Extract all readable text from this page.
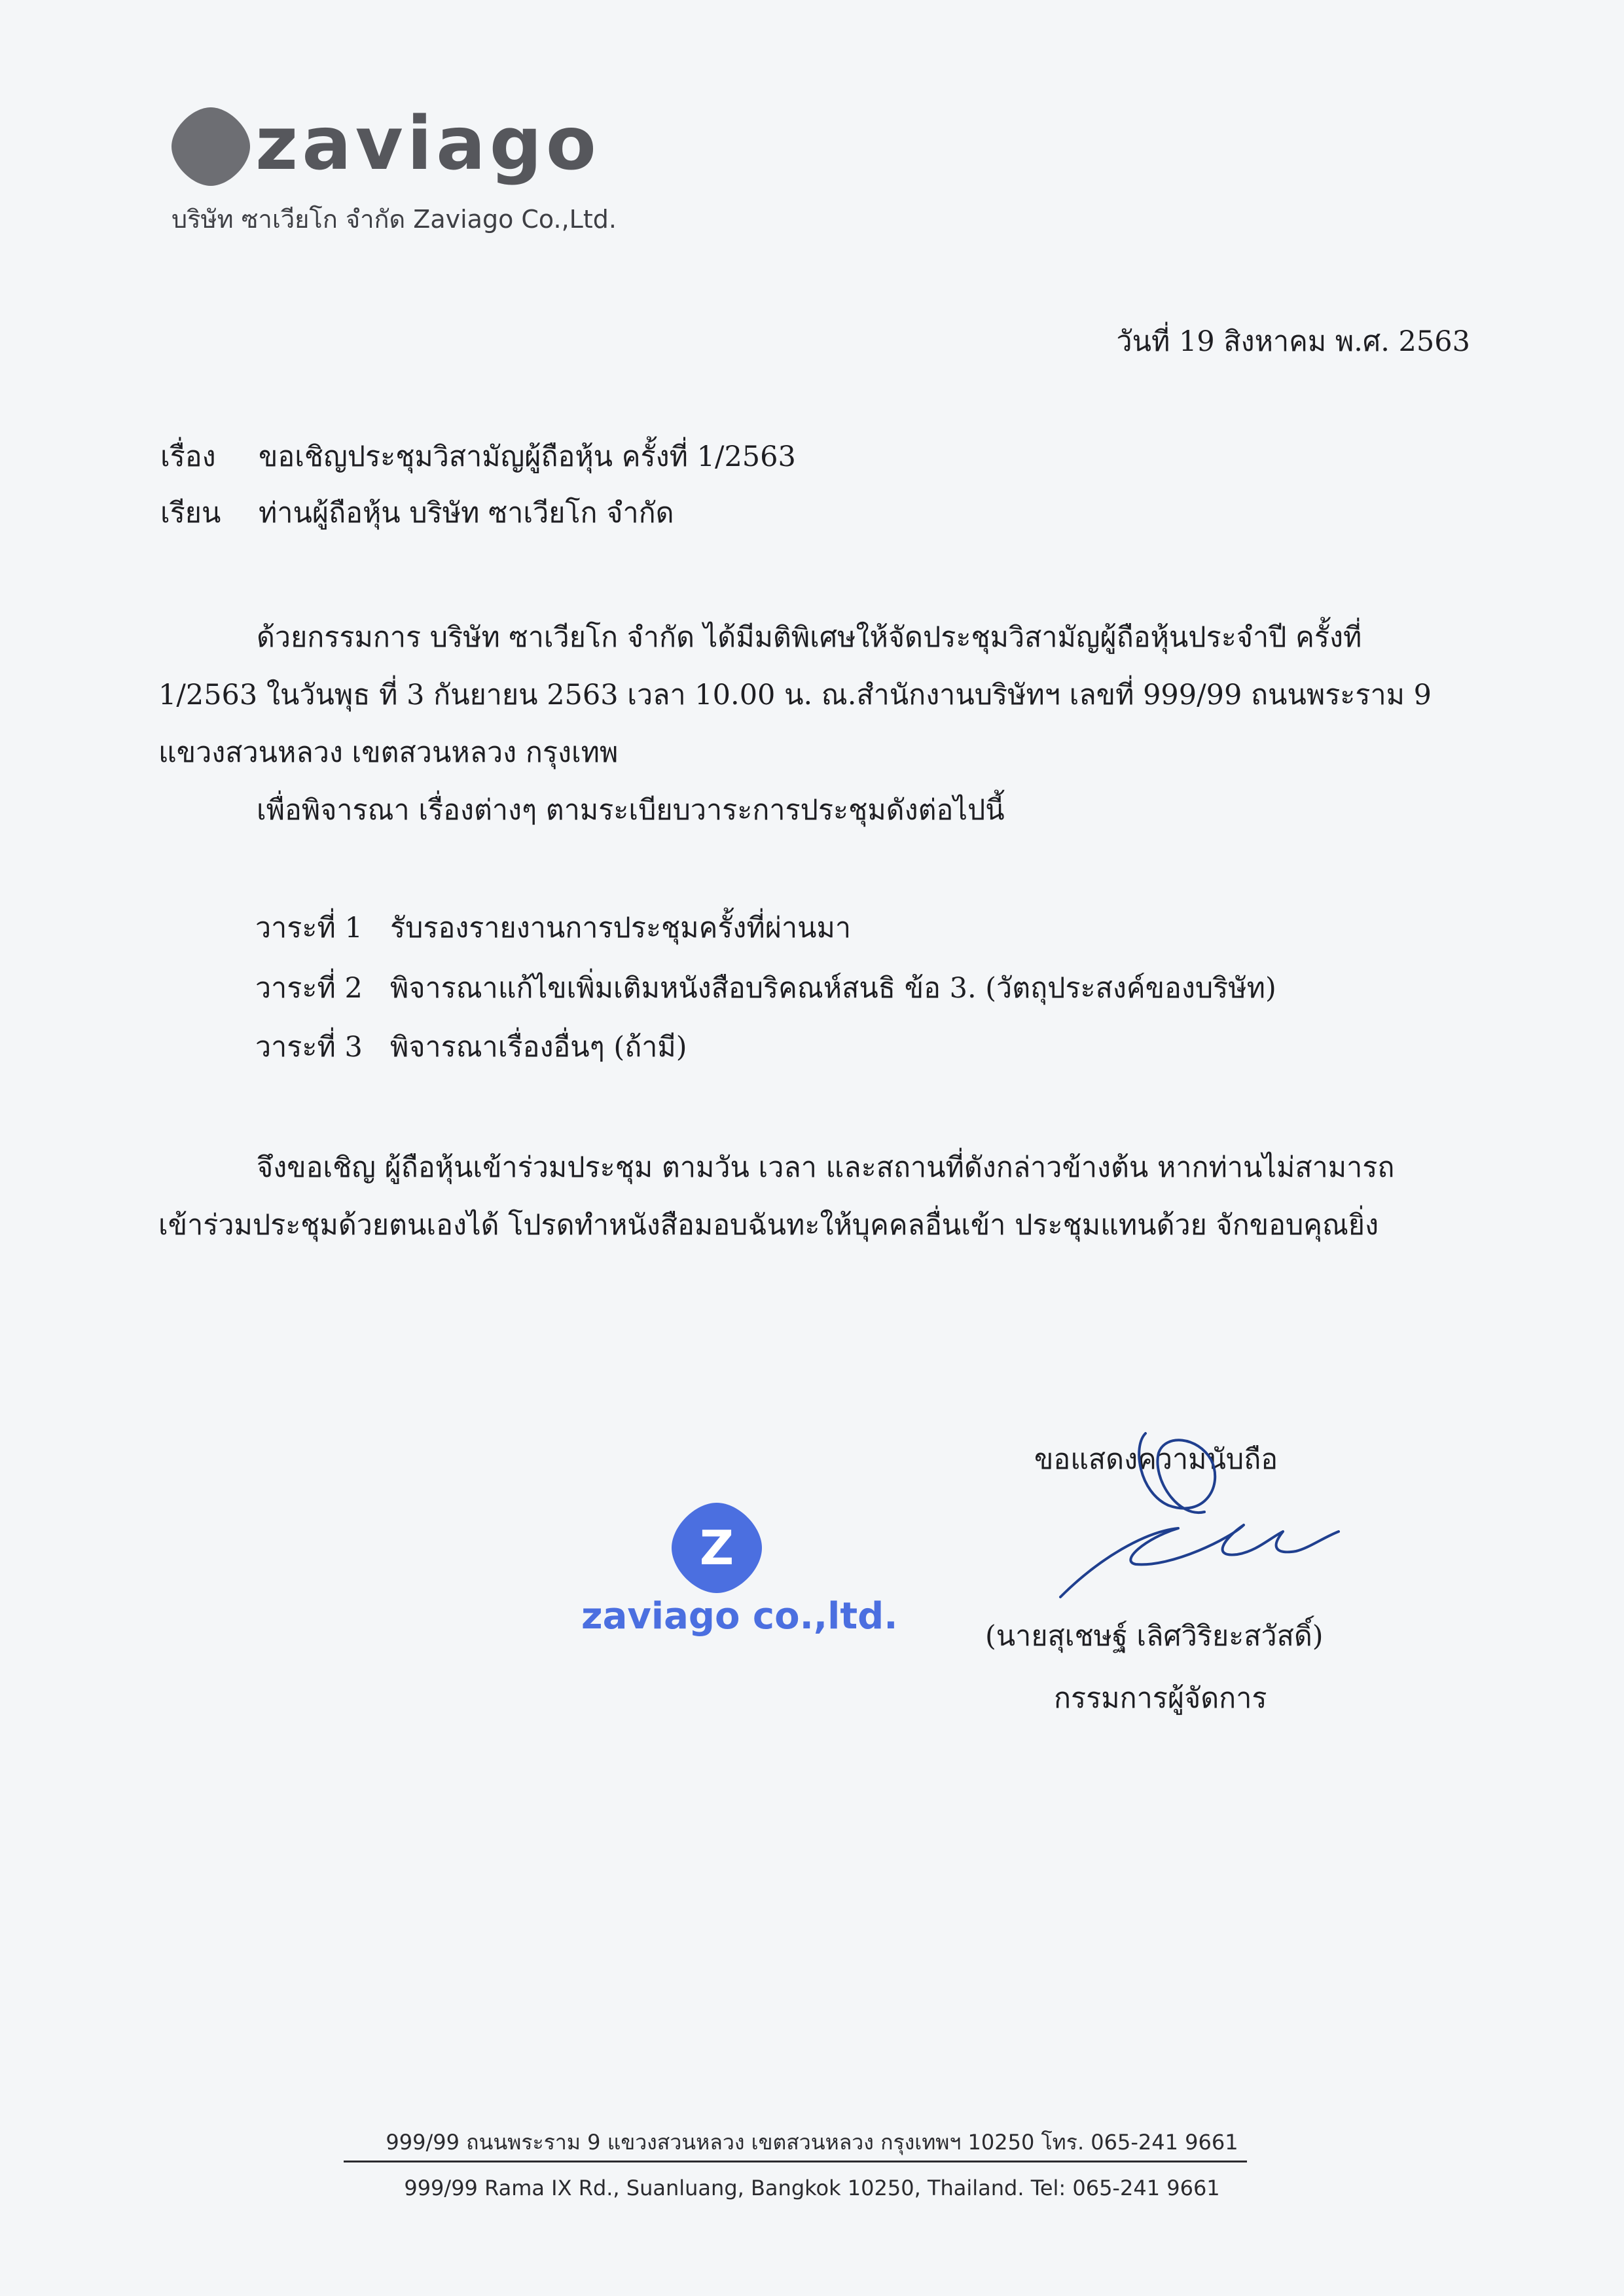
zaviago
บริษัท ซาเวียโก จำกัด Zaviago Co.,Ltd.
วันที่ 19 สิงหาคม พ.ศ. 2563
เรื่อง ขอเชิญประชุมวิสามัญผู้ถือหุ้น ครั้งที่ 1/2563
เรียน ท่านผู้ถือหุ้น บริษัท ซาเวียโก จำกัด

ด้วยกรรมการ บริษัท ซาเวียโก จำกัด ได้มีมติพิเศษให้จัดประชุมวิสามัญผู้ถือหุ้นประจำปี ครั้งที่ 1/2563 ในวันพุธ ที่ 3 กันยายน 2563 เวลา 10.00 น. ณ.สำนักงานบริษัทฯ เลขที่ 999/99 ถนนพระราม 9 แขวงสวนหลวง เขตสวนหลวง กรุงเทพ

เพื่อพิจารณา เรื่องต่างๆ ตามระเบียบวาระการประชุมดังต่อไปนี้

วาระที่ 1 รับรองรายงานการประชุมครั้งที่ผ่านมา
วาระที่ 2 พิจารณาแก้ไขเพิ่มเติมหนังสือบริคณห์สนธิ ข้อ 3. (วัตถุประสงค์ของบริษัท)
วาระที่ 3 พิจารณาเรื่องอื่นๆ (ถ้ามี)

จึงขอเชิญ ผู้ถือหุ้นเข้าร่วมประชุม ตามวัน เวลา และสถานที่ดังกล่าวข้างต้น หากท่านไม่สามารถเข้าร่วมประชุมด้วยตนเองได้ โปรดทำหนังสือมอบฉันทะให้บุคคลอื่นเข้า ประชุมแทนด้วย จักขอบคุณยิ่ง

ขอแสดงความนับถือ
(นายสุเชษฐ์ เลิศวิริยะสวัสดิ์)
กรรมการผู้จัดการ
Z
zaviago co.,ltd.
999/99 ถนนพระราม 9 แขวงสวนหลวง เขตสวนหลวง กรุงเทพฯ 10250 โทร. 065-241 9661
999/99 Rama IX Rd., Suanluang, Bangkok 10250, Thailand. Tel: 065-241 9661
